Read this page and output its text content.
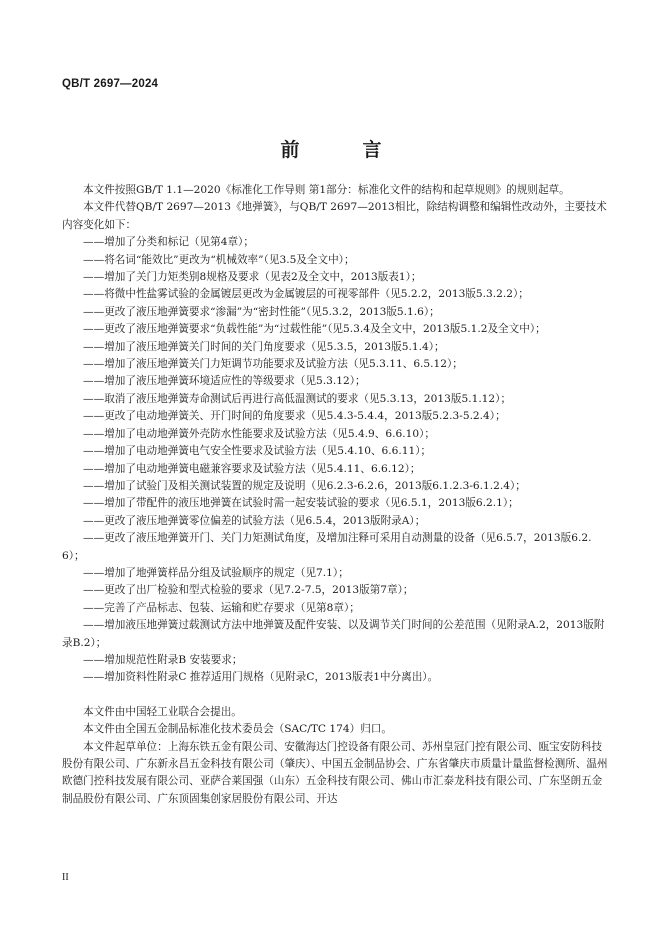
QB/T 2697—2024
前　言

本文件按照GB/T 1.1—2020《标准化工作导则 第1部分：标准化文件的结构和起草规则》的规则起草。

本文件代替QB/T 2697—2013《地弹簧》，与QB/T 2697—2013相比，除结构调整和编辑性改动外，主要技术内容变化如下：

——增加了分类和标记（见第4章）；

——将名词“能效比”更改为“机械效率”（见3.5及全文中）；

——增加了关门力矩类别8规格及要求（见表2及全文中，2013版表1）；

——将微中性盐雾试验的金属镀层更改为金属镀层的可视零部件（见5.2.2，2013版5.3.2.2）；

——更改了液压地弹簧要求“渗漏”为“密封性能”（见5.3.2，2013版5.1.6）；

——更改了液压地弹簧要求“负载性能”为“过载性能”（见5.3.4及全文中，2013版5.1.2及全文中）；

——增加了液压地弹簧关门时间的关门角度要求（见5.3.5，2013版5.1.4）；

——增加了液压地弹簧关门力矩调节功能要求及试验方法（见5.3.11、6.5.12）；

——增加了液压地弹簧环境适应性的等级要求（见5.3.12）；

——取消了液压地弹簧寿命测试后再进行高低温测试的要求（见5.3.13，2013版5.1.12）；

——更改了电动地弹簧关、开门时间的角度要求（见5.4.3-5.4.4，2013版5.2.3-5.2.4）；

——增加了电动地弹簧外壳防水性能要求及试验方法（见5.4.9、6.6.10）；

——增加了电动地弹簧电气安全性要求及试验方法（见5.4.10、6.6.11）；

——增加了电动地弹簧电磁兼容要求及试验方法（见5.4.11、6.6.12）；

——增加了试验门及相关测试装置的规定及说明（见6.2.3-6.2.6，2013版6.1.2.3-6.1.2.4）；

——增加了带配件的液压地弹簧在试验时需一起安装试验的要求（见6.5.1，2013版6.2.1）；

——更改了液压地弹簧零位偏差的试验方法（见6.5.4，2013版附录A）；

——更改了液压地弹簧开门、关门力矩测试角度，及增加注释可采用自动测量的设备（见6.5.7，2013版6.2.6）；

——增加了地弹簧样品分组及试验顺序的规定（见7.1）；

——更改了出厂检验和型式检验的要求（见7.2-7.5，2013版第7章）；

——完善了产品标志、包装、运输和贮存要求（见第8章）；

——增加液压地弹簧过载测试方法中地弹簧及配件安装、以及调节关门时间的公差范围（见附录A.2，2013版附录B.2）；

——增加规范性附录B 安装要求；

——增加资料性附录C 推荐适用门规格（见附录C，2013版表1中分离出）。

本文件由中国轻工业联合会提出。

本文件由全国五金制品标准化技术委员会（SAC/TC 174）归口。

本文件起草单位：上海东铁五金有限公司、安徽海达门控设备有限公司、苏州皇冠门控有限公司、瓯宝安防科技股份有限公司、广东新永昌五金科技有限公司（肇庆）、中国五金制品协会、广东省肇庆市质量计量监督检测所、温州欧德门控科技发展有限公司、亚萨合莱国强（山东）五金科技有限公司、佛山市汇泰龙科技有限公司、广东坚朗五金制品股份有限公司、广东顶固集创家居股份有限公司、开达

II
